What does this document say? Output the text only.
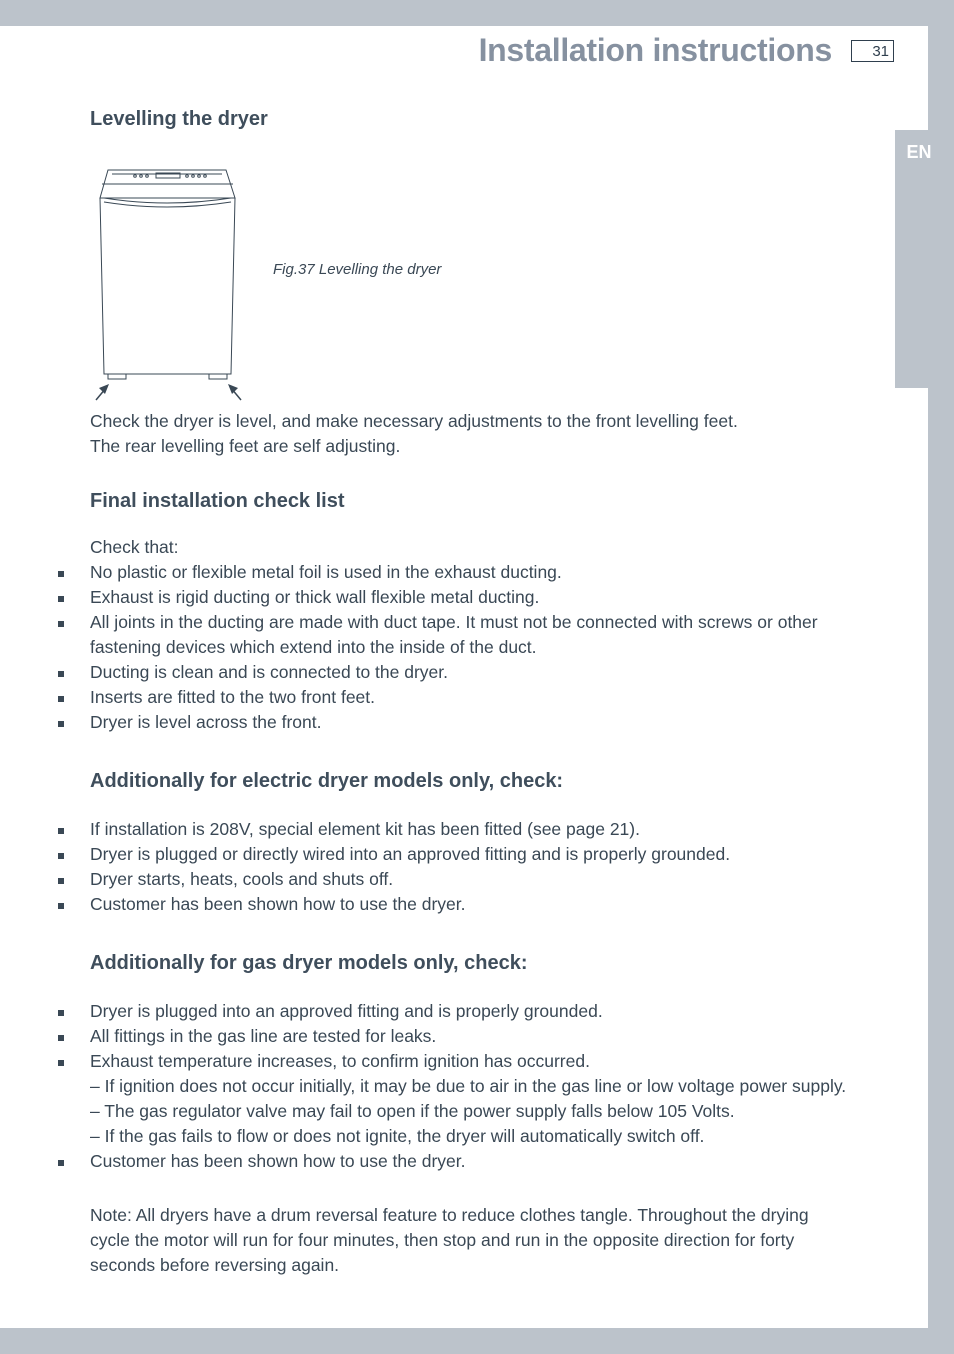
EN
Installation instructions	31
Levelling the dryer
Fig.37 Levelling the dryer
Check the dryer is level, and make necessary adjustments to the front levelling feet.
The rear levelling feet are self adjusting.
Final installation check list
Check that:
No plastic or flexible metal foil is used in the exhaust ducting.
Exhaust is rigid ducting or thick wall flexible metal ducting.
All joints in the ducting are made with duct tape. It must not be connected with screws or other
fastening devices which extend into the inside of the duct.
Ducting is clean and is connected to the dryer.
Inserts are fitted to the two front feet.
Dryer is level across the front.
Additionally for electric dryer models only, check:
If installation is 208V, special element kit has been fitted (see page 21).
Dryer is plugged or directly wired into an approved fitting and is properly grounded.
Dryer starts, heats, cools and shuts off.
Customer has been shown how to use the dryer.
Additionally for gas dryer models only, check:
Dryer is plugged into an approved fitting and is properly grounded.
All fittings in the gas line are tested for leaks.
Exhaust temperature increases, to confirm ignition has occurred.
– If ignition does not occur initially, it may be due to air in the gas line or low voltage power supply.
– The gas regulator valve may fail to open if the power supply falls below 105 Volts.
– If the gas fails to flow or does not ignite, the dryer will automatically switch off.
Customer has been shown how to use the dryer.
Note: All dryers have a drum reversal feature to reduce clothes tangle. Throughout the drying
cycle the motor will run for four minutes, then stop and run in the opposite direction for forty
seconds before reversing again.
